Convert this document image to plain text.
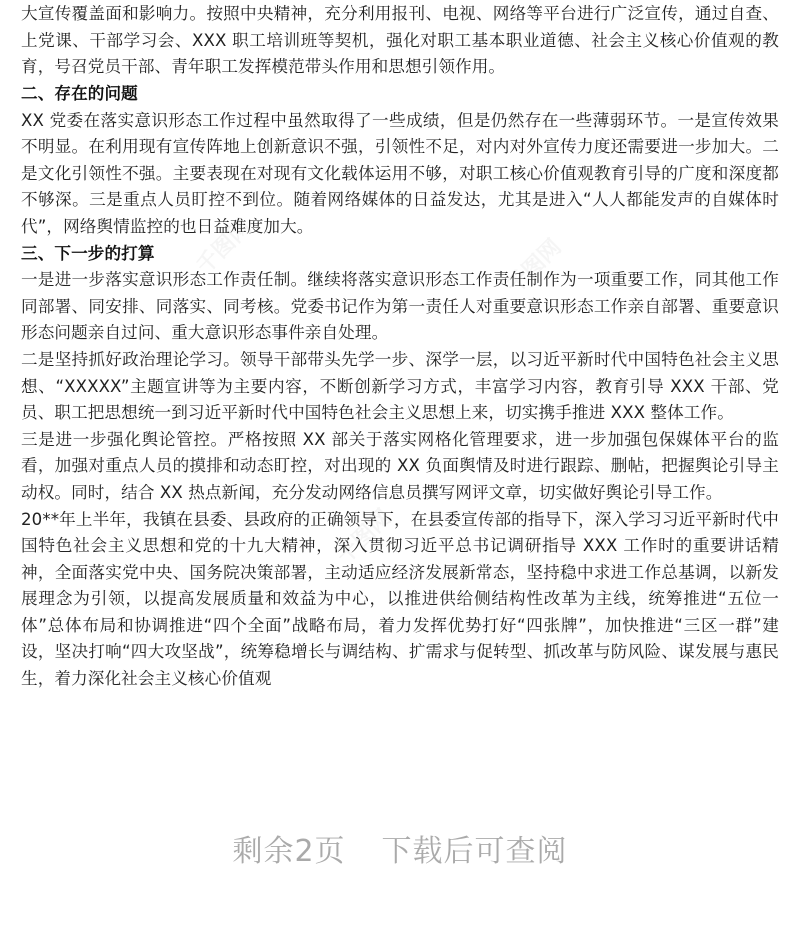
千图网	千图网
千图网

大宣传覆盖面和影响力。按照中央精神，充分利用报刊、电视、网络等平台进行广泛宣传，通过自查、上党课、干部学习会、XXX 职工培训班等契机，强化对职工基本职业道德、社会主义核心价值观的教育，号召党员干部、青年职工发挥模范带头作用和思想引领作用。

二、存在的问题

XX 党委在落实意识形态工作过程中虽然取得了一些成绩，但是仍然存在一些薄弱环节。一是宣传效果不明显。在利用现有宣传阵地上创新意识不强，引领性不足，对内对外宣传力度还需要进一步加大。二是文化引领性不强。主要表现在对现有文化载体运用不够，对职工核心价值观教育引导的广度和深度都不够深。三是重点人员盯控不到位。随着网络媒体的日益发达，尤其是进入“人人都能发声的自媒体时代”，网络舆情监控的也日益难度加大。

三、下一步的打算

一是进一步落实意识形态工作责任制。继续将落实意识形态工作责任制作为一项重要工作，同其他工作同部署、同安排、同落实、同考核。党委书记作为第一责任人对重要意识形态工作亲自部署、重要意识形态问题亲自过问、重大意识形态事件亲自处理。

二是坚持抓好政治理论学习。领导干部带头先学一步、深学一层，以习近平新时代中国特色社会主义思想、“XXXXX”主题宣讲等为主要内容，不断创新学习方式，丰富学习内容，教育引导 XXX 干部、党员、职工把思想统一到习近平新时代中国特色社会主义思想上来，切实携手推进 XXX 整体工作。

三是进一步强化舆论管控。严格按照 XX 部关于落实网格化管理要求，进一步加强包保媒体平台的监看，加强对重点人员的摸排和动态盯控，对出现的 XX 负面舆情及时进行跟踪、删帖，把握舆论引导主动权。同时，结合 XX 热点新闻，充分发动网络信息员撰写网评文章，切实做好舆论引导工作。

20**年上半年，我镇在县委、县政府的正确领导下，在县委宣传部的指导下，深入学习习近平新时代中国特色社会主义思想和党的十九大精神，深入贯彻习近平总书记调研指导 XXX 工作时的重要讲话精神，全面落实党中央、国务院决策部署，主动适应经济发展新常态，坚持稳中求进工作总基调，以新发展理念为引领，以提高发展质量和效益为中心，以推进供给侧结构性改革为主线，统筹推进“五位一体”总体布局和协调推进“四个全面”战略布局，着力发挥优势打好“四张牌”，加快推进“三区一群”建设，坚决打响“四大攻坚战”，统筹稳增长与调结构、扩需求与促转型、抓改革与防风险、谋发展与惠民生，着力深化社会主义核心价值观

剩余2页 下载后可查阅
